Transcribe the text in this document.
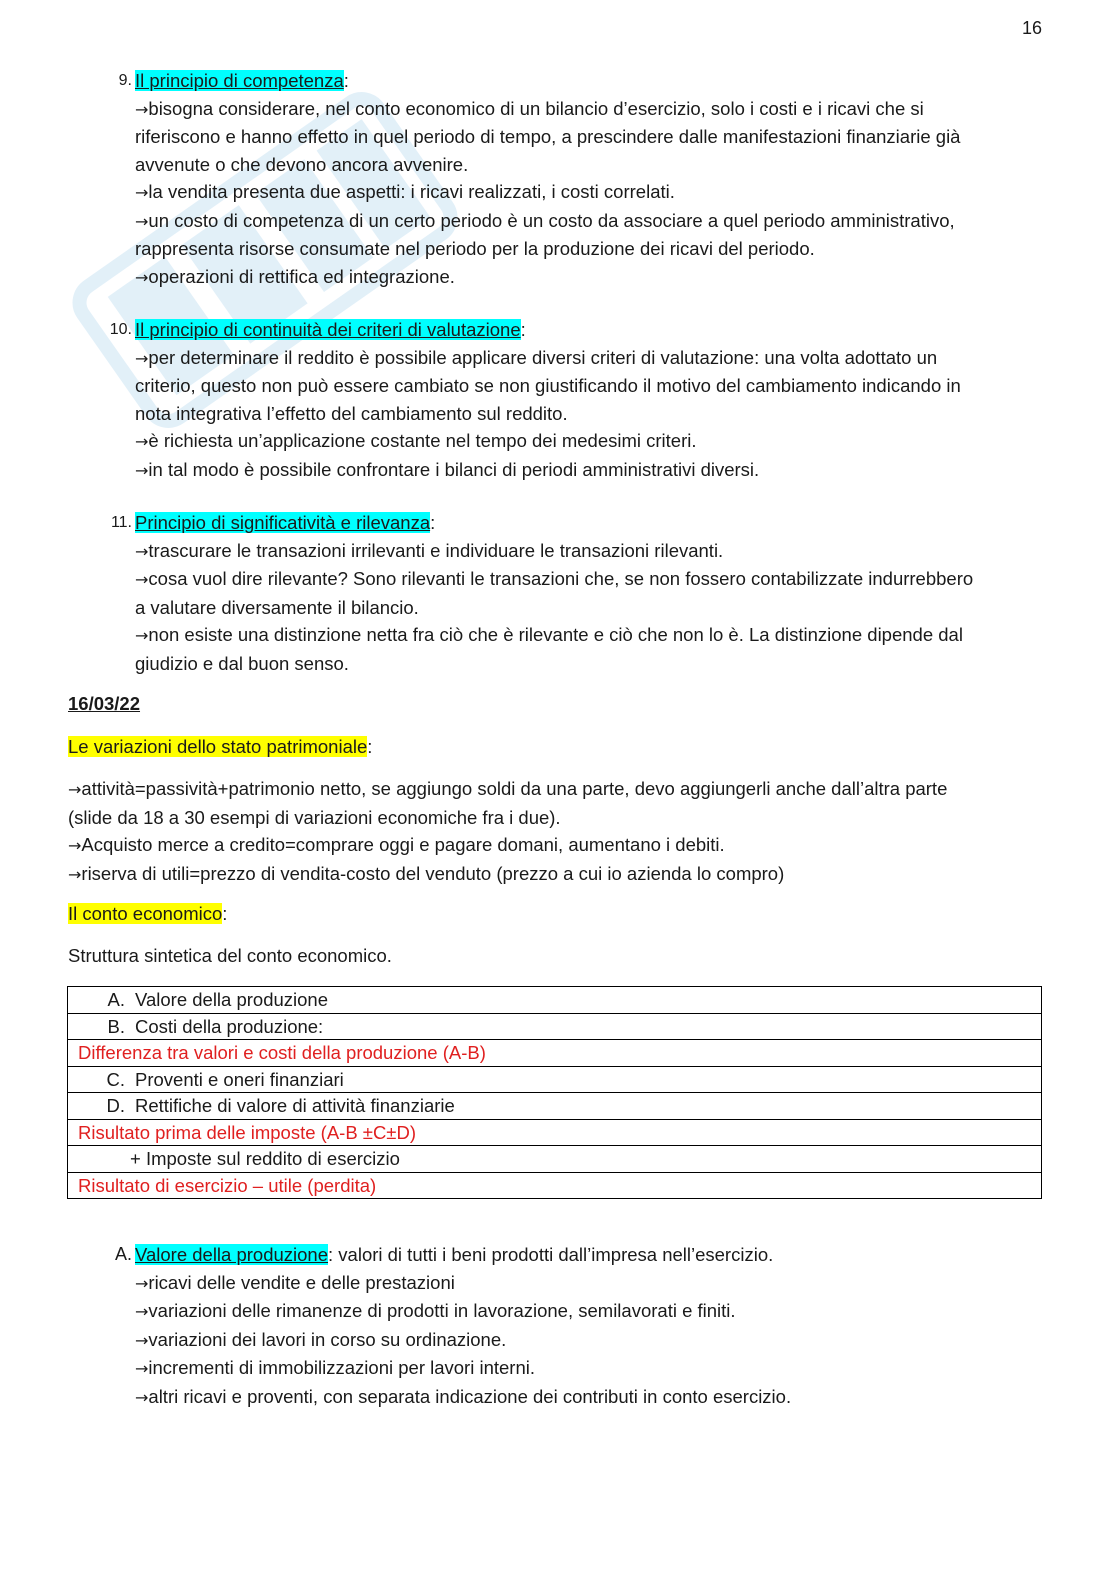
16
9. Il principio di competenza:
→bisogna considerare, nel conto economico di un bilancio d’esercizio, solo i costi e i ricavi che si
riferiscono e hanno effetto in quel periodo di tempo, a prescindere dalle manifestazioni finanziarie già
avvenute o che devono ancora avvenire.
→la vendita presenta due aspetti: i ricavi realizzati, i costi correlati.
→un costo di competenza di un certo periodo è un costo da associare a quel periodo amministrativo,
rappresenta risorse consumate nel periodo per la produzione dei ricavi del periodo.
→operazioni di rettifica ed integrazione.
10. Il principio di continuità dei criteri di valutazione:
→per determinare il reddito è possibile applicare diversi criteri di valutazione: una volta adottato un
criterio, questo non può essere cambiato se non giustificando il motivo del cambiamento indicando in
nota integrativa l’effetto del cambiamento sul reddito.
→è richiesta un’applicazione costante nel tempo dei medesimi criteri.
→in tal modo è possibile confrontare i bilanci di periodi amministrativi diversi.
11. Principio di significatività e rilevanza:
→trascurare le transazioni irrilevanti e individuare le transazioni rilevanti.
→cosa vuol dire rilevante? Sono rilevanti le transazioni che, se non fossero contabilizzate indurrebbero
a valutare diversamente il bilancio.
→non esiste una distinzione netta fra ciò che è rilevante e ciò che non lo è. La distinzione dipende dal
giudizio e dal buon senso.
16/03/22
Le variazioni dello stato patrimoniale:
→attività=passività+patrimonio netto, se aggiungo soldi da una parte, devo aggiungerli anche dall’altra parte
(slide da 18 a 30 esempi di variazioni economiche fra i due).
→Acquisto merce a credito=comprare oggi e pagare domani, aumentano i debiti.
→riserva di utili=prezzo di vendita-costo del venduto (prezzo a cui io azienda lo compro)
Il conto economico:
Struttura sintetica del conto economico.
A. Valore della produzione
B. Costi della produzione:
Differenza tra valori e costi della produzione (A-B)
C. Proventi e oneri finanziari
D. Rettifiche di valore di attività finanziarie
Risultato prima delle imposte (A-B ±C±D)
+ Imposte sul reddito di esercizio
Risultato di esercizio – utile (perdita)
A. Valore della produzione: valori di tutti i beni prodotti dall’impresa nell’esercizio.
→ricavi delle vendite e delle prestazioni
→variazioni delle rimanenze di prodotti in lavorazione, semilavorati e finiti.
→variazioni dei lavori in corso su ordinazione.
→incrementi di immobilizzazioni per lavori interni.
→altri ricavi e proventi, con separata indicazione dei contributi in conto esercizio.
